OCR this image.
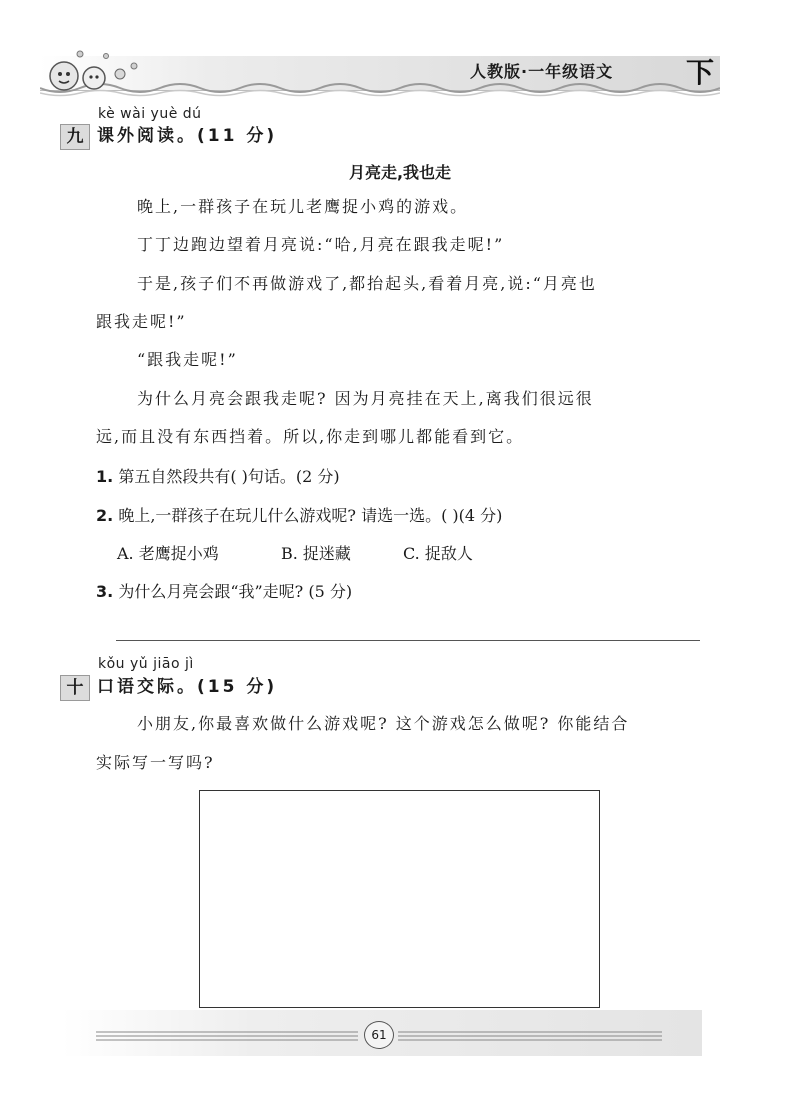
人教版·一年级语文	下
kè wài yuè dú
九 课外阅读。(11 分)
月亮走,我也走

晚上,一群孩子在玩儿老鹰捉小鸡的游戏。

丁丁边跑边望着月亮说:“哈,月亮在跟我走呢!”

于是,孩子们不再做游戏了,都抬起头,看着月亮,说:“月亮也

跟我走呢!”

“跟我走呢!”

为什么月亮会跟我走呢? 因为月亮挂在天上,离我们很远很

远,而且没有东西挡着。所以,你走到哪儿都能看到它。

1. 第五自然段共有( )句话。(2 分)
2. 晚上,一群孩子在玩儿什么游戏呢? 请选一选。( )(4 分)
A. 老鹰捉小鸡	B. 捉迷藏	C. 捉敌人
3. 为什么月亮会跟“我”走呢? (5 分)
kǒu yǔ jiāo jì
十 口语交际。(15 分)

小朋友,你最喜欢做什么游戏呢? 这个游戏怎么做呢? 你能结合

实际写一写吗?

61
